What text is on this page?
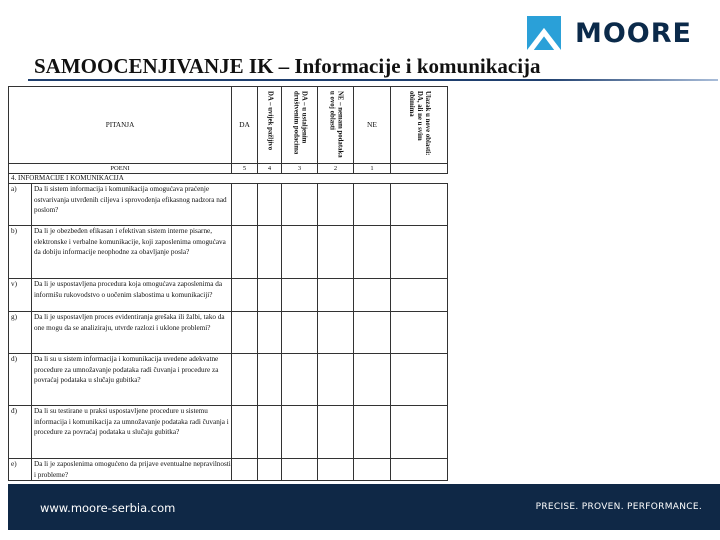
MOORE
SAMOOCENJIVANJE IK – Informacije i komunikacija
PITANJA		DA	DA – uvijek pažljivo	DA – u ustaljenim društvenim podacima	NE – nemam podataka u ovoj oblasti	NE	Ulazak u nove oblasti: DA, ali ne u svim obimima

POENI		5	4	3	2	1	
4. INFORMACIJE I KOMUNIKACIJA							
a)	Da li sistem informacija i komunikacija omogućava praćenje ostvarivanja utvrđenih ciljeva i sprovođenja efikasnog nadzora nad poslom?						
b)	Da li je obezbeđen efikasan i efektivan sistem interne pisarne, elektronske i verbalne komunikacije, koji zaposlenima omogućava da dobiju informacije neophodne za obavljanje posla?						
v)	Da li je uspostavljena procedura koja omogućava zaposlenima da informišu rukovodstvo o uočenim slabostima u komunikaciji?						
g)	Da li je uspostavljen proces evidentiranja grešaka ili žalbi, tako da one mogu da se analiziraju, utvrde razlozi i uklone problemi?						
d)	Da li su u sistem informacija i komunikacija uvedene adekvatne procedure za umnožavanje podataka radi čuvanja i procedure za povraćaj podataka u slučaju gubitka?						
đ)	Da li su testirane u praksi uspostavljene procedure u sistemu informacija i komunikacija za umnožavanje podataka radi čuvanja i procedure za povraćaj podataka u slučaju gubitka?						
e)	Da li je zaposlenima omogućeno da prijave eventualne nepravilnosti i probleme?						
www.moore-serbia.com	PRECISE. PROVEN. PERFORMANCE.
